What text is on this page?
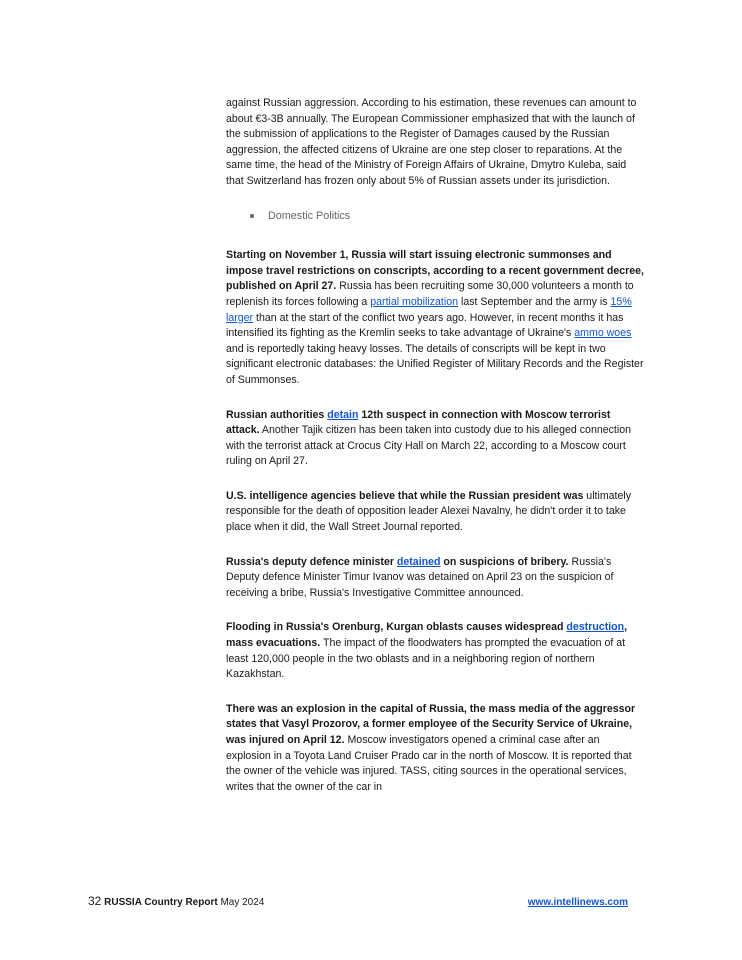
against Russian aggression. According to his estimation, these revenues can amount to about €3-3B annually. The European Commissioner emphasized that with the launch of the submission of applications to the Register of Damages caused by the Russian aggression, the affected citizens of Ukraine are one step closer to reparations. At the same time, the head of the Ministry of Foreign Affairs of Ukraine, Dmytro Kuleba, said that Switzerland has frozen only about 5% of Russian assets under its jurisdiction.

Domestic Politics

Starting on November 1, Russia will start issuing electronic summonses and impose travel restrictions on conscripts, according to a recent government decree, published on April 27. Russia has been recruiting some 30,000 volunteers a month to replenish its forces following a partial mobilization last September and the army is 15% larger than at the start of the conflict two years ago. However, in recent months it has intensified its fighting as the Kremlin seeks to take advantage of Ukraine's ammo woes and is reportedly taking heavy losses. The details of conscripts will be kept in two significant electronic databases: the Unified Register of Military Records and the Register of Summonses.

Russian authorities detain 12th suspect in connection with Moscow terrorist attack. Another Tajik citizen has been taken into custody due to his alleged connection with the terrorist attack at Crocus City Hall on March 22, according to a Moscow court ruling on April 27.

U.S. intelligence agencies believe that while the Russian president was ultimately responsible for the death of opposition leader Alexei Navalny, he didn't order it to take place when it did, the Wall Street Journal reported.

Russia's deputy defence minister detained on suspicions of bribery. Russia's Deputy defence Minister Timur Ivanov was detained on April 23 on the suspicion of receiving a bribe, Russia's Investigative Committee announced.

Flooding in Russia's Orenburg, Kurgan oblasts causes widespread destruction, mass evacuations. The impact of the floodwaters has prompted the evacuation of at least 120,000 people in the two oblasts and in a neighboring region of northern Kazakhstan.

There was an explosion in the capital of Russia, the mass media of the aggressor states that Vasyl Prozorov, a former employee of the Security Service of Ukraine, was injured on April 12. Moscow investigators opened a criminal case after an explosion in a Toyota Land Cruiser Prado car in the north of Moscow. It is reported that the owner of the vehicle was injured. TASS, citing sources in the operational services, writes that the owner of the car in

32 RUSSIA Country Report May 2024	www.intellinews.com
